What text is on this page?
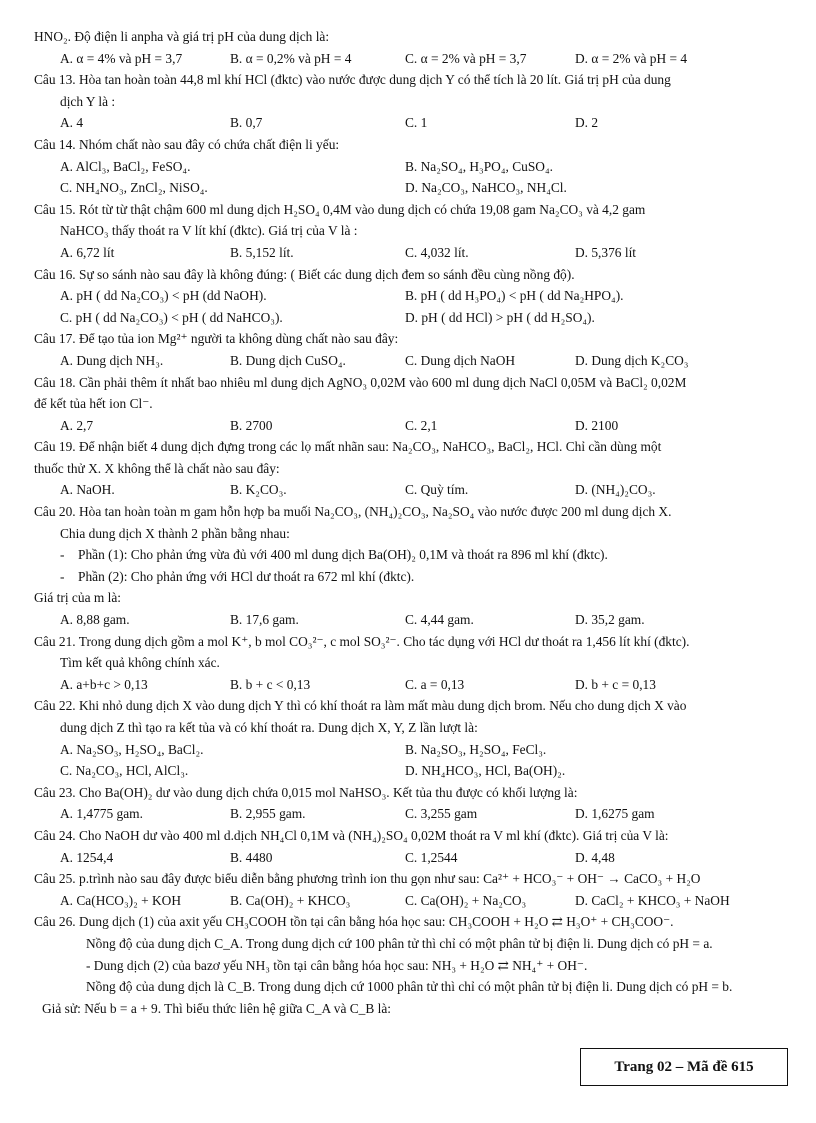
HNO₂. Độ điện li anpha và giá trị pH của dung dịch là:
A. α = 4% và pH = 3,7	B. α = 0,2% và pH = 4	C. α = 2% và pH = 3,7	D. α = 2% và pH = 4
Câu 13. Hòa tan hoàn toàn 44,8 ml khí HCl (đktc) vào nước được dung dịch Y có thể tích là 20 lít. Giá trị pH của dung
dịch Y là :
A. 4	B. 0,7	C. 1	D. 2
Câu 14. Nhóm chất nào sau đây có chứa chất điện li yếu:
A. AlCl₃, BaCl₂, FeSO₄.	B. Na₂SO₄, H₃PO₄, CuSO₄.
C. NH₄NO₃, ZnCl₂, NiSO₄.	D. Na₂CO₃, NaHCO₃, NH₄Cl.
Câu 15. Rót từ từ thật chậm 600 ml dung dịch H₂SO₄ 0,4M vào dung dịch có chứa 19,08 gam Na₂CO₃ và 4,2 gam
NaHCO₃ thấy thoát ra V lít khí (đktc). Giá trị của V là :
A. 6,72 lít	B. 5,152 lít.	C. 4,032 lít.	D. 5,376 lít
Câu 16. Sự so sánh nào sau đây là không đúng: ( Biết các dung dịch đem so sánh đều cùng nồng độ).
A. pH ( dd Na₂CO₃) < pH (dd NaOH).	B. pH ( dd H₃PO₄) < pH ( dd Na₂HPO₄).
C. pH ( dd Na₂CO₃) < pH ( dd NaHCO₃).	D. pH ( dd HCl) > pH ( dd H₂SO₄).
Câu 17. Để tạo tủa ion Mg²⁺ người ta không dùng chất nào sau đây:
A. Dung dịch NH₃.	B. Dung dịch CuSO₄.	C. Dung dịch NaOH	D. Dung dịch K₂CO₃
Câu 18. Cần phải thêm ít nhất bao nhiêu ml dung dịch AgNO₃ 0,02M vào 600 ml dung dịch NaCl 0,05M và BaCl₂ 0,02M
để kết tủa hết ion Cl⁻.
A. 2,7	B. 2700	C. 2,1	D. 2100
Câu 19. Để nhận biết 4 dung dịch đựng trong các lọ mất nhãn sau: Na₂CO₃, NaHCO₃, BaCl₂, HCl. Chỉ cần dùng một
thuốc thử X. X không thể là chất nào sau đây:
A. NaOH.	B. K₂CO₃.	C. Quỳ tím.	D. (NH₄)₂CO₃.
Câu 20. Hòa tan hoàn toàn m gam hỗn hợp ba muối Na₂CO₃, (NH₄)₂CO₃, Na₂SO₄ vào nước được 200 ml dung dịch X.
Chia dung dịch X thành 2 phần bằng nhau:
- Phần (1): Cho phản ứng vừa đủ với 400 ml dung dịch Ba(OH)₂ 0,1M và thoát ra 896 ml khí (đktc).
- Phần (2): Cho phản ứng với HCl dư thoát ra 672 ml khí (đktc).
Giá trị của m là:
A. 8,88 gam.	B. 17,6 gam.	C. 4,44 gam.	D. 35,2 gam.
Câu 21. Trong dung dịch gồm a mol K⁺, b mol CO₃²⁻, c mol SO₃²⁻. Cho tác dụng với HCl dư thoát ra 1,456 lít khí (đktc).
Tìm kết quả không chính xác.
A. a+b+c > 0,13	B. b + c < 0,13	C. a = 0,13	D. b + c = 0,13
Câu 22. Khi nhỏ dung dịch X vào dung dịch Y thì có khí thoát ra làm mất màu dung dịch brom. Nếu cho dung dịch X vào
dung dịch Z thì tạo ra kết tủa và có khí thoát ra. Dung dịch X, Y, Z lần lượt là:
A. Na₂SO₃, H₂SO₄, BaCl₂.	B. Na₂SO₃, H₂SO₄, FeCl₃.
C. Na₂CO₃, HCl, AlCl₃.	D. NH₄HCO₃, HCl, Ba(OH)₂.
Câu 23. Cho Ba(OH)₂ dư vào dung dịch chứa 0,015 mol NaHSO₃. Kết tủa thu được có khối lượng là:
A. 1,4775 gam.	B. 2,955 gam.	C. 3,255 gam	D. 1,6275 gam
Câu 24. Cho NaOH dư vào 400 ml d.dịch NH₄Cl 0,1M và (NH₄)₂SO₄ 0,02M thoát ra V ml khí (đktc). Giá trị của V là:
A. 1254,4	B. 4480	C. 1,2544	D. 4,48
Câu 25. p.trình nào sau đây được biểu diễn bằng phương trình ion thu gọn như sau: Ca²⁺ + HCO₃⁻ + OH⁻ → CaCO₃ + H₂O
A. Ca(HCO₃)₂ + KOH	B. Ca(OH)₂ + KHCO₃	C. Ca(OH)₂ + Na₂CO₃	D. CaCl₂ + KHCO₃ + NaOH
Câu 26. Dung dịch (1) của axit yếu CH₃COOH tồn tại cân bằng hóa học sau: CH₃COOH + H₂O ⇄ H₃O⁺ + CH₃COO⁻.
Nồng độ của dung dịch C_A. Trong dung dịch cứ 100 phân tử thì chỉ có một phân tử bị điện li. Dung dịch có pH = a.
- Dung dịch (2) của bazơ yếu NH₃ tồn tại cân bằng hóa học sau: NH₃ + H₂O ⇄ NH₄⁺ + OH⁻.
Nồng độ của dung dịch là C_B. Trong dung dịch cứ 1000 phân tử thì chỉ có một phân tử bị điện li. Dung dịch có pH = b.
Giả sử: Nếu b = a + 9. Thì biểu thức liên hệ giữa C_A và C_B là:
Trang 02 – Mã đề 615
